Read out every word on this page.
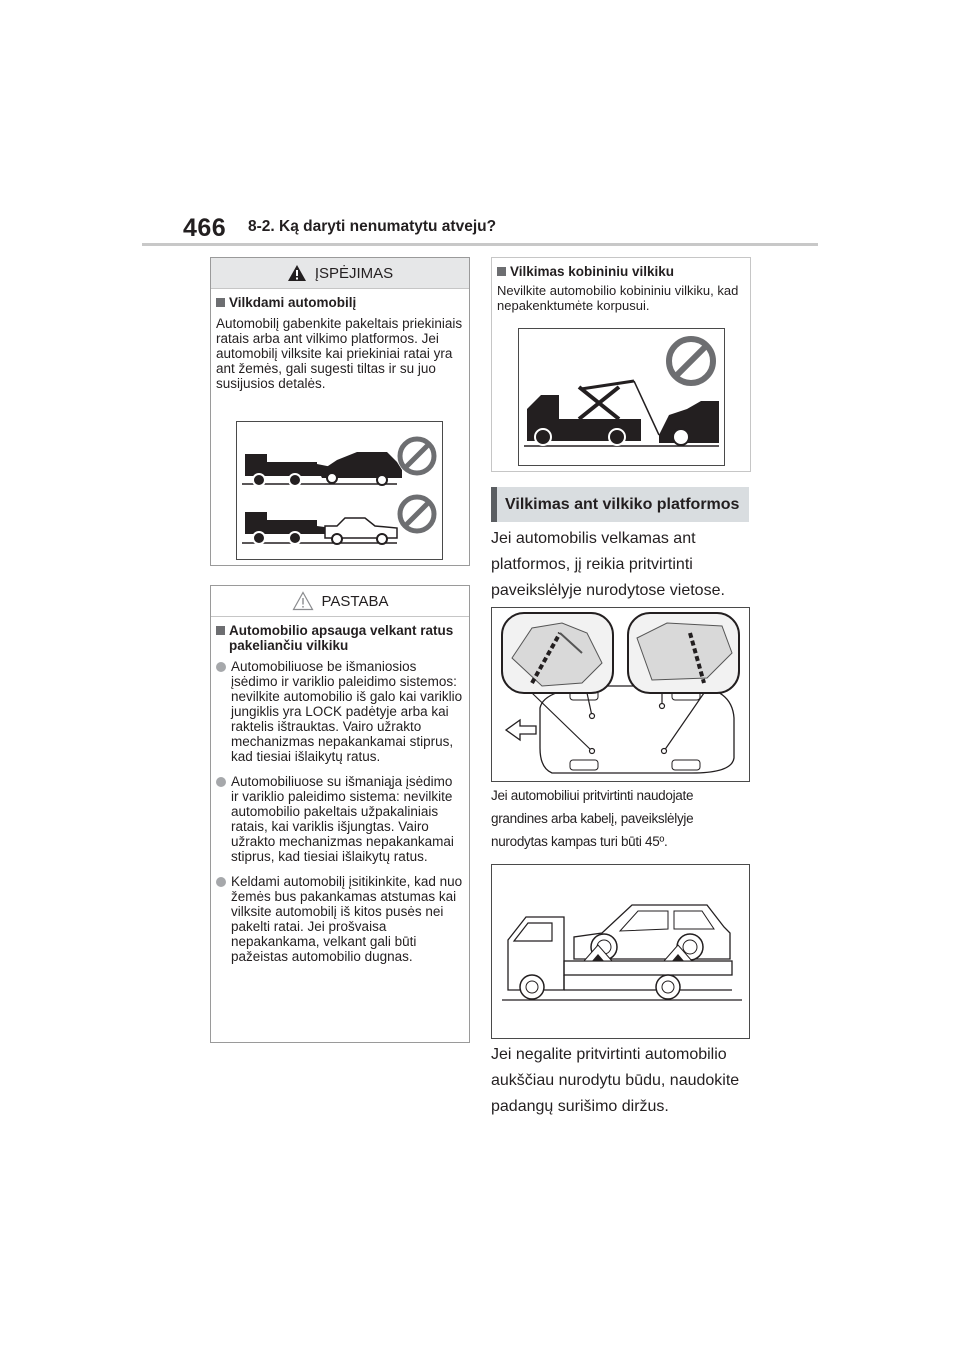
466 8-2. Ką daryti nenumatytu atveju?
ĮSPĖJIMAS
Vilkdami automobilį
Automobilį gabenkite pakeltais priekiniais ratais arba ant vilkimo platformos. Jei automobilį vilksite kai priekiniai ratai yra ant žemės, gali sugesti tiltas ir su juo susijusios detalės.
PASTABA
Automobilio apsauga velkant ratus pakeliančiu vilkiku
Automobiliuose be išmaniosios įsėdimo ir variklio paleidimo sistemos: nevilkite automobilio iš galo kai variklio jungiklis yra LOCK padėtyje arba kai raktelis ištrauktas. Vairo užrakto mechanizmas nepakankamai stiprus, kad tiesiai išlaikytų ratus.
Automobiliuose su išmaniąja įsėdimo ir variklio paleidimo sistema: nevilkite automobilio pakeltais užpakaliniais ratais, kai variklis išjungtas. Vairo užrakto mechanizmas nepakankamai stiprus, kad tiesiai išlaikytų ratus.
Keldami automobilį įsitikinkite, kad nuo žemės bus pakankamas atstumas kai vilksite automobilį iš kitos pusės nei pakelti ratai. Jei prošvaisa nepakankama, velkant gali būti pažeistas automobilio dugnas.
Vilkimas kobininiu vilkiku
Nevilkite automobilio kobininiu vilkiku, kad nepakenktumėte korpusui.
Vilkimas ant vilkiko platformos
Jei automobilis velkamas ant platformos, jį reikia pritvirtinti paveikslėlyje nurodytose vietose.
Jei automobiliui pritvirtinti naudojate grandines arba kabelį, paveikslėlyje nurodytas kampas turi būti 45º.
Jei negalite pritvirtinti automobilio aukščiau nurodytu būdu, naudokite padangų surišimo diržus.
